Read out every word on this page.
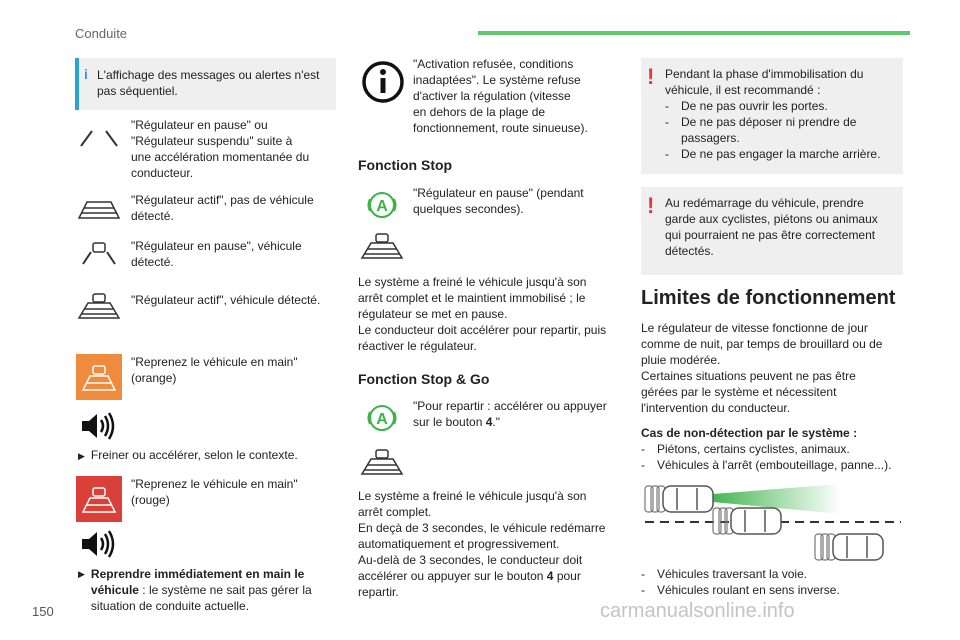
Conduite
i L'affichage des messages ou alertes n'est
pas séquentiel.
"Régulateur en pause" ou
"Régulateur suspendu" suite à
une accélération momentanée du
conducteur.
"Régulateur actif", pas de véhicule
détecté.
"Régulateur en pause", véhicule
détecté.
"Régulateur actif", véhicule détecté.
"Reprenez le véhicule en main"
(orange)
▶ Freiner ou accélérer, selon le contexte.
"Reprenez le véhicule en main"
(rouge)
▶ Reprendre immédiatement en main le
véhicule : le système ne sait pas gérer la
situation de conduite actuelle.
"Activation refusée, conditions
inadaptées". Le système refuse
d'activer la régulation (vitesse
en dehors de la plage de
fonctionnement, route sinueuse).
Fonction Stop
A
"Régulateur en pause" (pendant
quelques secondes).
Le système a freiné le véhicule jusqu'à son
arrêt complet et le maintient immobilisé ; le
régulateur se met en pause.
Le conducteur doit accélérer pour repartir, puis
réactiver le régulateur.
Fonction Stop & Go
A
"Pour repartir : accélérer ou appuyer
sur le bouton 4."
Le système a freiné le véhicule jusqu'à son
arrêt complet.
En deçà de 3 secondes, le véhicule redémarre
automatiquement et progressivement.
Au-delà de 3 secondes, le conducteur doit
accélérer ou appuyer sur le bouton 4 pour
repartir.
! Pendant la phase d'immobilisation du
véhicule, il est recommandé :
-	De ne pas ouvrir les portes.
-	De ne pas déposer ni prendre de
passagers.
-	De ne pas engager la marche arrière.
! Au redémarrage du véhicule, prendre
garde aux cyclistes, piétons ou animaux
qui pourraient ne pas être correctement
détectés.
Limites de fonctionnement
Le régulateur de vitesse fonctionne de jour
comme de nuit, par temps de brouillard ou de
pluie modérée.
Certaines situations peuvent ne pas être
gérées par le système et nécessitent
l'intervention du conducteur.
Cas de non-détection par le système :
-	Piétons, certains cyclistes, animaux.
-	Véhicules à l'arrêt (embouteillage, panne...).
-	Véhicules traversant la voie.
-	Véhicules roulant en sens inverse.
150	carmanualsonline.info
